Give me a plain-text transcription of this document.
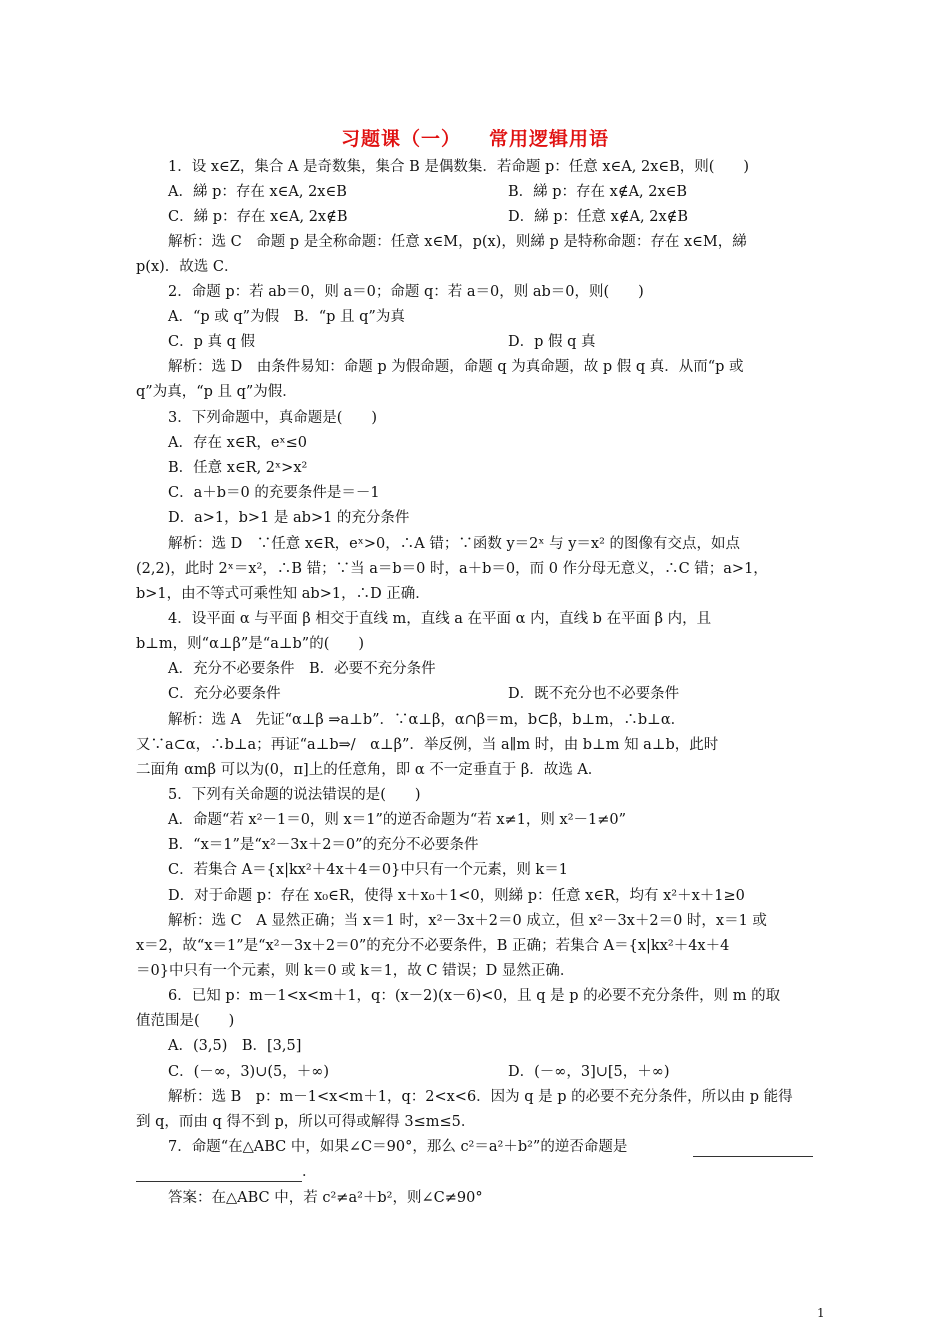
习题课（一） 常用逻辑用语
1．设 x∈Z，集合 A 是奇数集，集合 B 是偶数集．若命题 p：任意 x∈A, 2x∈B，则(　　)
A．綈 p：存在 x∈A, 2x∈B	B．綈 p：存在 x∉A, 2x∈B
C．綈 p：存在 x∈A, 2x∉B	D．綈 p：任意 x∉A, 2x∉B
解析：选 C　命题 p 是全称命题：任意 x∈M，p(x)，则綈 p 是特称命题：存在 x∈M，綈
p(x)．故选 C．
2．命题 p：若 ab＝0，则 a＝0；命题 q：若 a＝0，则 ab＝0，则(　　)
A．“p 或 q”为假　B．“p 且 q”为真
C．p 真 q 假	D．p 假 q 真
解析：选 D　由条件易知：命题 p 为假命题，命题 q 为真命题，故 p 假 q 真．从而“p 或
q”为真，“p 且 q”为假．
3．下列命题中，真命题是(　　)
A．存在 x∈R，eˣ≤0
B．任意 x∈R, 2ˣ>x²
C．a＋b＝0 的充要条件是＝－1
D．a>1，b>1 是 ab>1 的充分条件
解析：选 D　∵任意 x∈R，eˣ>0，∴A 错；∵函数 y＝2ˣ 与 y＝x² 的图像有交点，如点
(2,2)，此时 2ˣ＝x²，∴B 错；∵当 a＝b＝0 时，a＋b＝0，而 0 作分母无意义，∴C 错；a>1，
b>1，由不等式可乘性知 ab>1，∴D 正确．
4．设平面 α 与平面 β 相交于直线 m，直线 a 在平面 α 内，直线 b 在平面 β 内，且
b⊥m，则“α⊥β”是“a⊥b”的(　　)
A．充分不必要条件　B．必要不充分条件
C．充分必要条件	D．既不充分也不必要条件
解析：选 A　先证“α⊥β ⇒a⊥b”．∵α⊥β，α∩β＝m，b⊂β，b⊥m，∴b⊥α．
又∵a⊂α，∴b⊥a；再证“a⊥b⇒/　α⊥β”．举反例，当 a∥m 时，由 b⊥m 知 a⊥b，此时
二面角 αmβ 可以为(0，π]上的任意角，即 α 不一定垂直于 β．故选 A．
5．下列有关命题的说法错误的是(　　)
A．命题“若 x²－1＝0，则 x＝1”的逆否命题为“若 x≠1，则 x²－1≠0”
B．“x＝1”是“x²－3x＋2＝0”的充分不必要条件
C．若集合 A＝{x|kx²＋4x＋4＝0}中只有一个元素，则 k＝1
D．对于命题 p：存在 x₀∈R，使得 x＋x₀＋1<0，则綈 p：任意 x∈R，均有 x²＋x＋1≥0
解析：选 C　A 显然正确；当 x＝1 时，x²－3x＋2＝0 成立，但 x²－3x＋2＝0 时，x＝1 或
x＝2，故“x＝1”是“x²－3x＋2＝0”的充分不必要条件，B 正确；若集合 A＝{x|kx²＋4x＋4
＝0}中只有一个元素，则 k＝0 或 k＝1，故 C 错误；D 显然正确．
6．已知 p：m－1<x<m＋1，q：(x－2)(x－6)<0，且 q 是 p 的必要不充分条件，则 m 的取
值范围是(　　)
A．(3,5)　B．[3,5]
C．(－∞，3)∪(5，＋∞)	D．(－∞，3]∪[5，＋∞)
解析：选 B　p：m－1<x<m＋1，q：2<x<6．因为 q 是 p 的必要不充分条件，所以由 p 能得
到 q，而由 q 得不到 p，所以可得或解得 3≤m≤5．
7．命题“在△ABC 中，如果∠C＝90°，那么 c²＝a²＋b²”的逆否命题是
．
答案：在△ABC 中，若 c²≠a²＋b²，则∠C≠90°
1
